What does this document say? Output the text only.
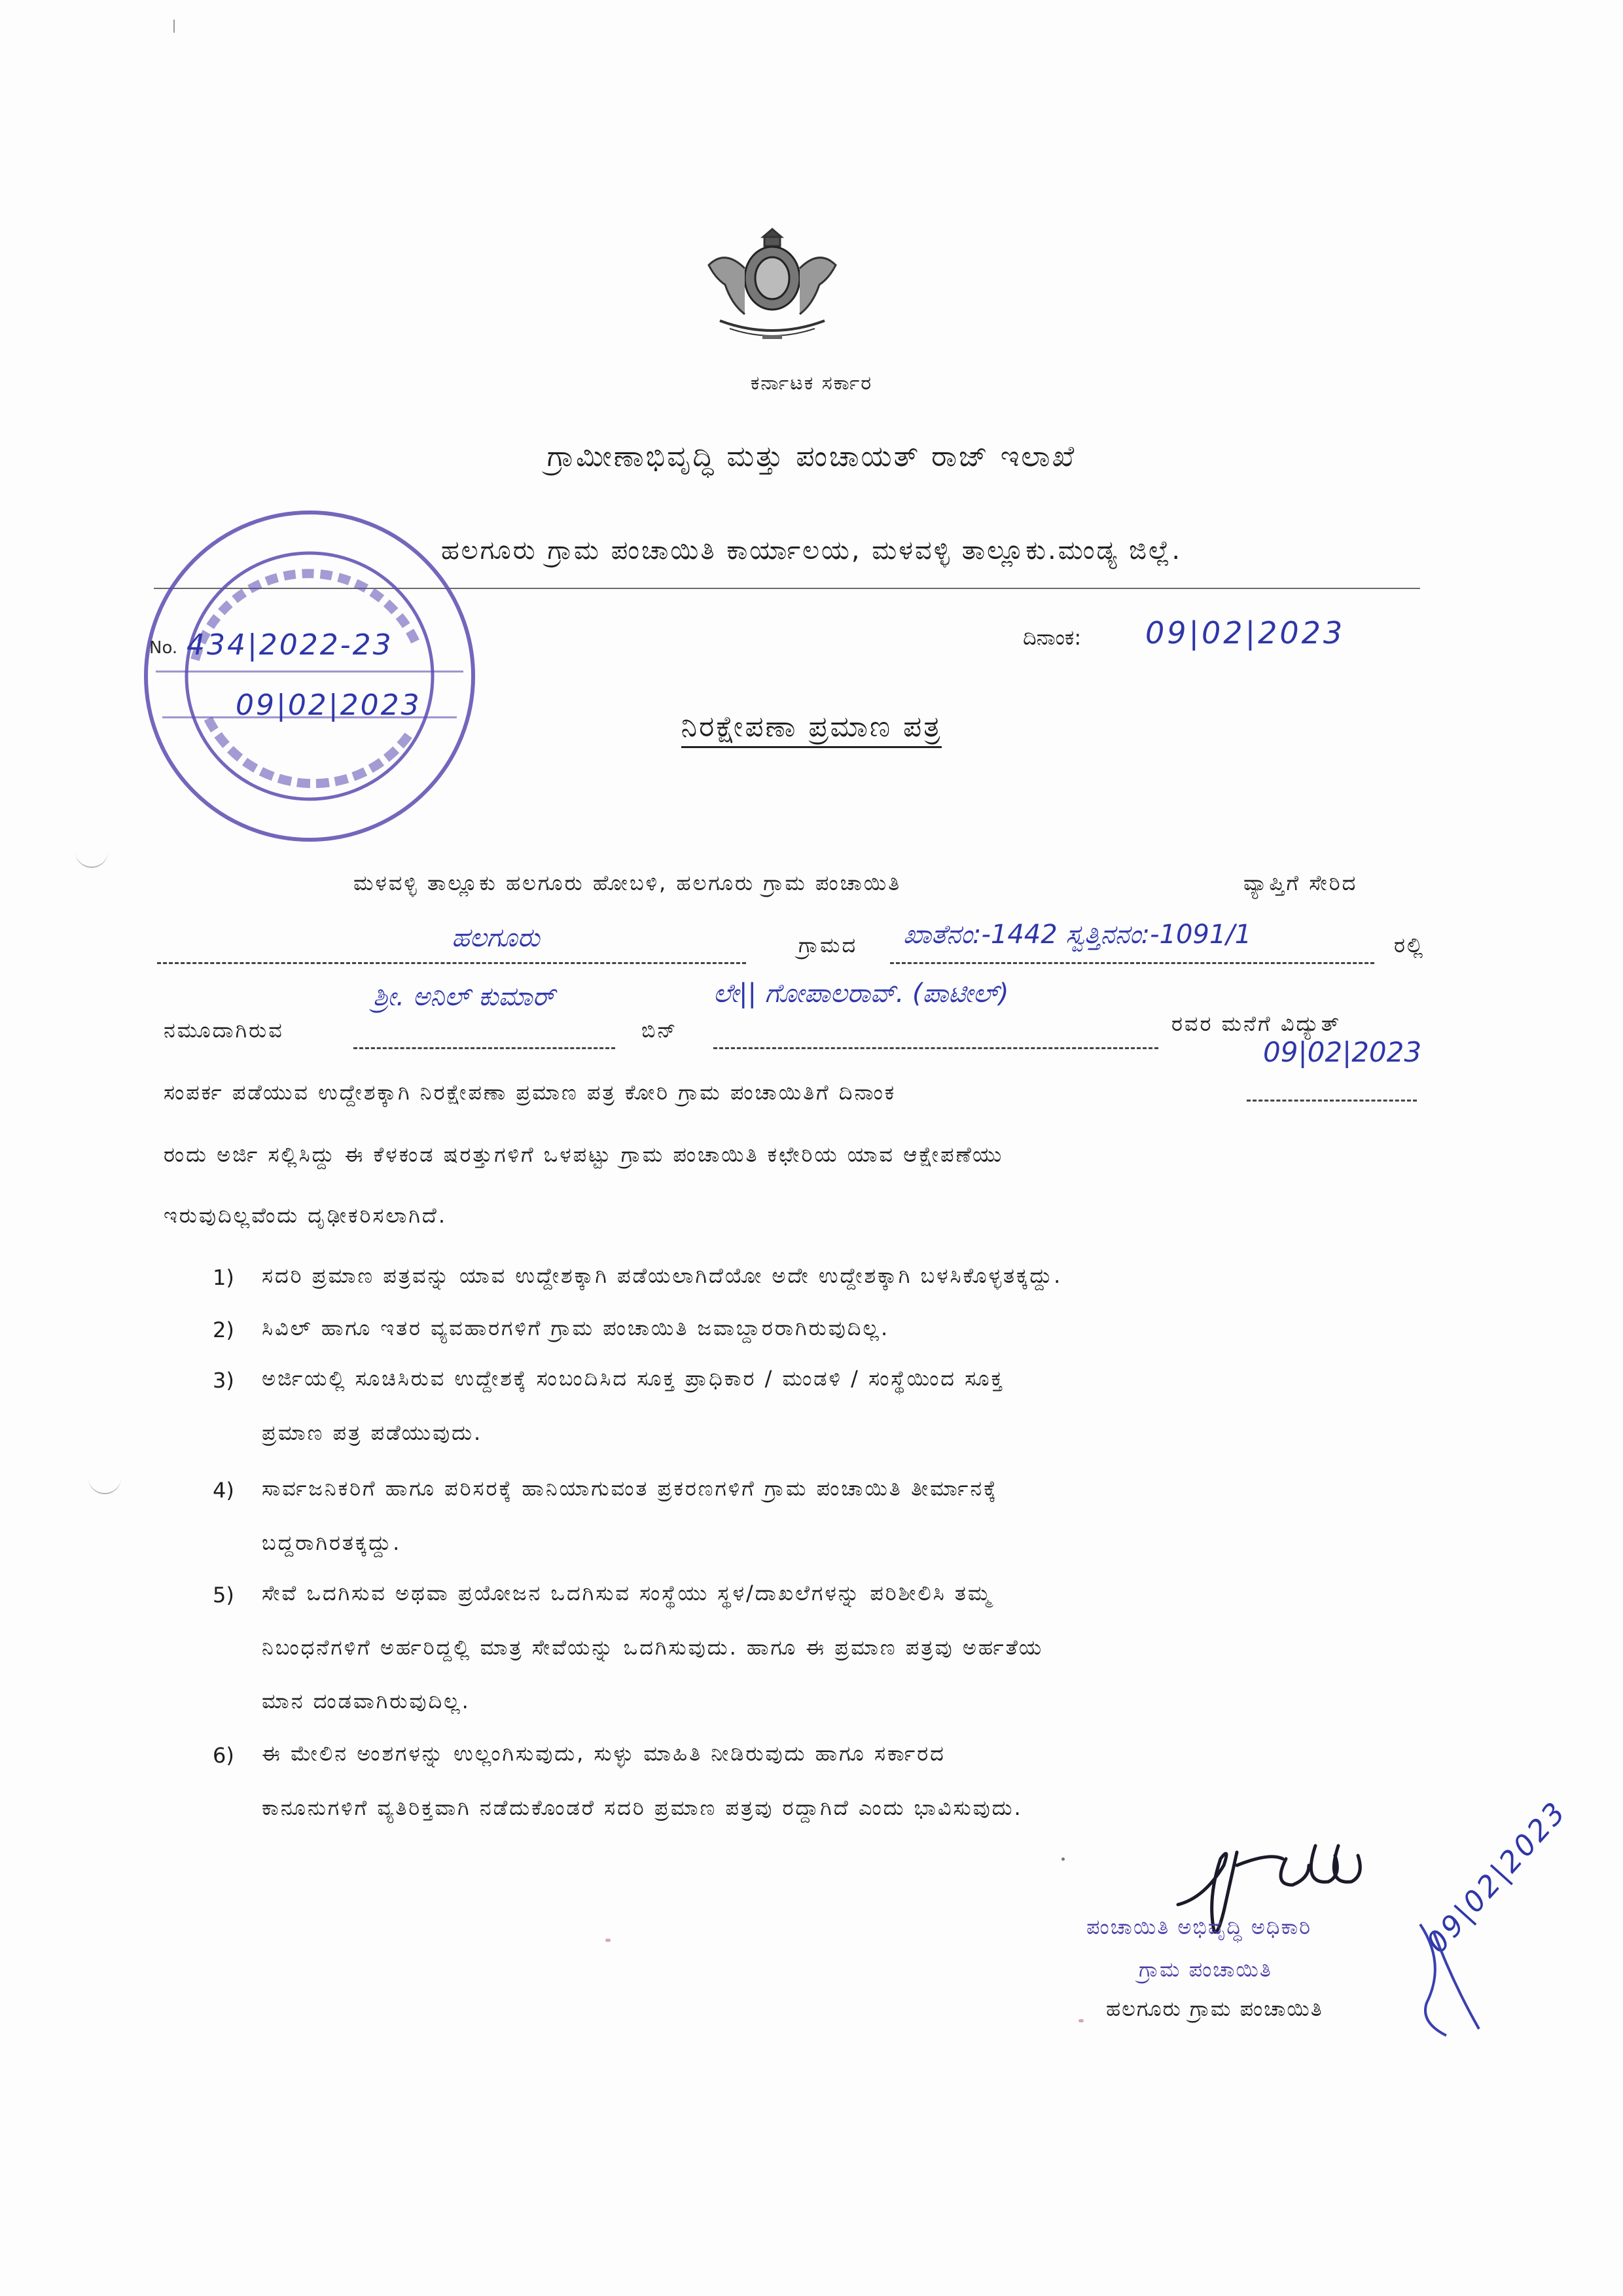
ಕರ್ನಾಟಕ ಸರ್ಕಾರ
ಗ್ರಾಮೀಣಾಭಿವೃದ್ಧಿ ಮತ್ತು ಪಂಚಾಯತ್ ರಾಜ್ ಇಲಾಖೆ
ಹಲಗೂರು ಗ್ರಾಮ ಪಂಚಾಯಿತಿ ಕಾರ್ಯಾಲಯ, ಮಳವಳ್ಳಿ ತಾಲ್ಲೂಕು.ಮಂಡ್ಯ ಜಿಲ್ಲೆ.
ದಿನಾಂಕ: 09|02|2023
No. 434|2022-23
09|02|2023
ನಿರಕ್ಷೇಪಣಾ ಪ್ರಮಾಣ ಪತ್ರ
ಮಳವಳ್ಳಿ ತಾಲ್ಲೂಕು ಹಲಗೂರು ಹೋಬಳಿ, ಹಲಗೂರು ಗ್ರಾಮ ಪಂಚಾಯಿತಿ	ವ್ಯಾಪ್ತಿಗೆ ಸೇರಿದ
ಹಲಗೂರು	ಗ್ರಾಮದ ಖಾತೆನಂ:-1442 ಸ್ವತ್ತಿನನಂ:-1091/1	ರಲ್ಲಿ
ನಮೂದಾಗಿರುವ
ಶ್ರೀ. ಅನಿಲ್ ಕುಮಾರ್
ಬಿನ್
ಲೇ|| ಗೋಪಾಲರಾವ್. (ಪಾಟೀಲ್)
ರವರ ಮನೆಗೆ ವಿದ್ಯುತ್
ಸಂಪರ್ಕ ಪಡೆಯುವ ಉದ್ದೇಶಕ್ಕಾಗಿ ನಿರಕ್ಷೇಪಣಾ ಪ್ರಮಾಣ ಪತ್ರ ಕೋರಿ ಗ್ರಾಮ ಪಂಚಾಯಿತಿಗೆ ದಿನಾಂಕ
09|02|2023
ರಂದು ಅರ್ಜಿ ಸಲ್ಲಿಸಿದ್ದು ಈ ಕೆಳಕಂಡ ಷರತ್ತುಗಳಿಗೆ ಒಳಪಟ್ಟು ಗ್ರಾಮ ಪಂಚಾಯಿತಿ ಕಛೇರಿಯ ಯಾವ ಆಕ್ಷೇಪಣೆಯು
ಇರುವುದಿಲ್ಲವೆಂದು ದೃಢೀಕರಿಸಲಾಗಿದೆ.
1) ಸದರಿ ಪ್ರಮಾಣ ಪತ್ರವನ್ನು ಯಾವ ಉದ್ದೇಶಕ್ಕಾಗಿ ಪಡೆಯಲಾಗಿದೆಯೋ ಅದೇ ಉದ್ದೇಶಕ್ಕಾಗಿ ಬಳಸಿಕೊಳ್ಳತಕ್ಕದ್ದು.
2) ಸಿವಿಲ್ ಹಾಗೂ ಇತರ ವ್ಯವಹಾರಗಳಿಗೆ ಗ್ರಾಮ ಪಂಚಾಯಿತಿ ಜವಾಬ್ದಾರರಾಗಿರುವುದಿಲ್ಲ.
3) ಅರ್ಜಿಯಲ್ಲಿ ಸೂಚಿಸಿರುವ ಉದ್ದೇಶಕ್ಕೆ ಸಂಬಂದಿಸಿದ ಸೂಕ್ತ ಪ್ರಾಧಿಕಾರ / ಮಂಡಳಿ / ಸಂಸ್ಥೆಯಿಂದ ಸೂಕ್ತ
ಪ್ರಮಾಣ ಪತ್ರ ಪಡೆಯುವುದು.
4) ಸಾರ್ವಜನಿಕರಿಗೆ ಹಾಗೂ ಪರಿಸರಕ್ಕೆ ಹಾನಿಯಾಗುವಂತ ಪ್ರಕರಣಗಳಿಗೆ ಗ್ರಾಮ ಪಂಚಾಯಿತಿ ತೀರ್ಮಾನಕ್ಕೆ
ಬದ್ದರಾಗಿರತಕ್ಕದ್ದು.
5) ಸೇವೆ ಒದಗಿಸುವ ಅಥವಾ ಪ್ರಯೋಜನ ಒದಗಿಸುವ ಸಂಸ್ಥೆಯು ಸ್ಥಳ/ದಾಖಲೆಗಳನ್ನು ಪರಿಶೀಲಿಸಿ ತಮ್ಮ
ನಿಬಂಧನೆಗಳಿಗೆ ಅರ್ಹರಿದ್ದಲ್ಲಿ ಮಾತ್ರ ಸೇವೆಯನ್ನು ಒದಗಿಸುವುದು. ಹಾಗೂ ಈ ಪ್ರಮಾಣ ಪತ್ರವು ಅರ್ಹತೆಯ
ಮಾನ ದಂಡವಾಗಿರುವುದಿಲ್ಲ.
6) ಈ ಮೇಲಿನ ಅಂಶಗಳನ್ನು ಉಲ್ಲಂಗಿಸುವುದು, ಸುಳ್ಳು ಮಾಹಿತಿ ನೀಡಿರುವುದು ಹಾಗೂ ಸರ್ಕಾರದ
ಕಾನೂನುಗಳಿಗೆ ವ್ಯತಿರಿಕ್ತವಾಗಿ ನಡೆದುಕೊಂಡರೆ ಸದರಿ ಪ್ರಮಾಣ ಪತ್ರವು ರದ್ದಾಗಿದೆ ಎಂದು ಭಾವಿಸುವುದು.
ಪಂಚಾಯಿತಿ ಅಭಿವೃದ್ಧಿ ಅಧಿಕಾರಿ
ಗ್ರಾಮ ಪಂಚಾಯಿತಿ
ಹಲಗೂರು ಗ್ರಾಮ ಪಂಚಾಯಿತಿ
09|02|2023
